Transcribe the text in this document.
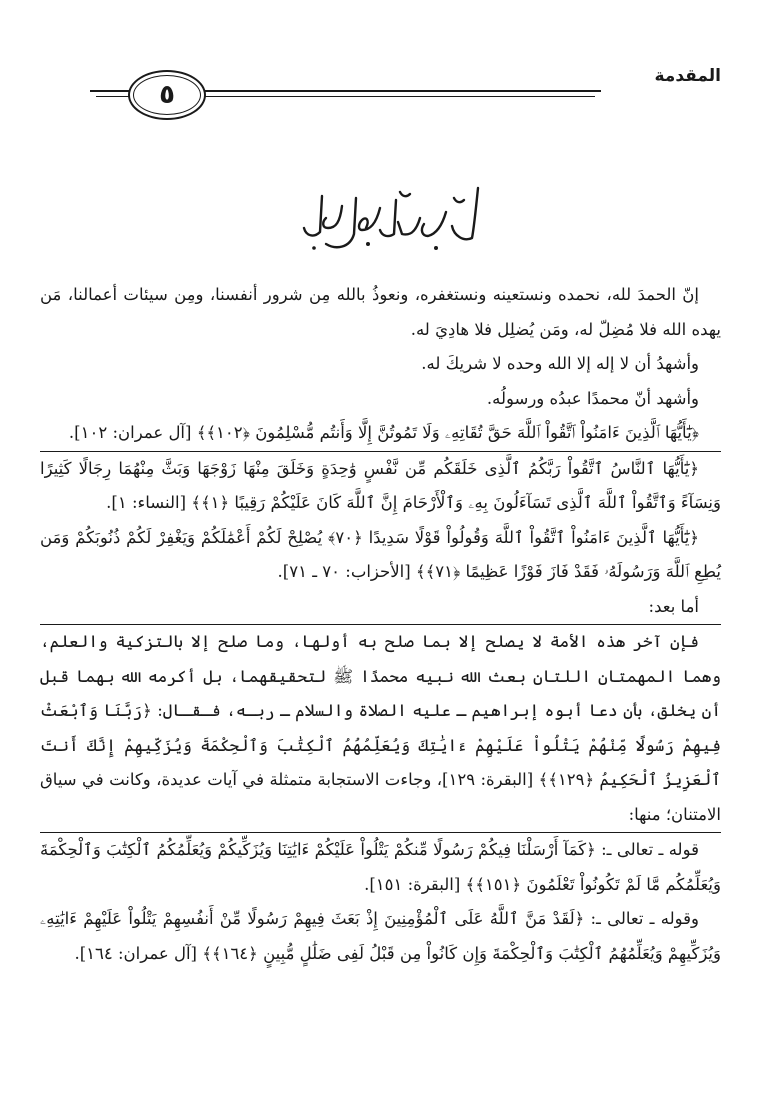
المقدمة
٥

إنّ الحمدَ لله، نحمده ونستعينه ونستغفره، ونعوذُ بالله مِن شرور أنفسنا، ومِن سيئات أعمالنا، مَن يهده الله فلا مُضِلّ له، ومَن يُضلِل فلا هادِيَ له.

وأشهدُ أن لا إله إلا الله وحده لا شريكَ له.

وأشهد أنّ محمدًا عبدُه ورسولُه.

﴿يَٰٓأَيُّهَا ٱلَّذِينَ ءَامَنُواْ ٱتَّقُواْ ٱللَّهَ حَقَّ تُقَاتِهِۦ وَلَا تَمُوتُنَّ إِلَّا وَأَنتُم مُّسْلِمُونَ ﴿١٠٢﴾﴾ [آل عمران: ١٠٢].

﴿يَٰٓأَيُّهَا ٱلنَّاسُ ٱتَّقُواْ رَبَّكُمُ ٱلَّذِى خَلَقَكُم مِّن نَّفْسٍ وَٰحِدَةٍ وَخَلَقَ مِنْهَا زَوْجَهَا وَبَثَّ مِنْهُمَا رِجَالًا كَثِيرًا وَنِسَآءً وَٱتَّقُواْ ٱللَّهَ ٱلَّذِى تَسَآءَلُونَ بِهِۦ وَٱلْأَرْحَامَ إِنَّ ٱللَّهَ كَانَ عَلَيْكُمْ رَقِيبًا ﴿١﴾﴾ [النساء: ١].

﴿يَٰٓأَيُّهَا ٱلَّذِينَ ءَامَنُواْ ٱتَّقُواْ ٱللَّهَ وَقُولُواْ قَوْلًا سَدِيدًا ﴿٧٠﴾ يُصْلِحْ لَكُمْ أَعْمَٰلَكُمْ وَيَغْفِرْ لَكُمْ ذُنُوبَكُمْ وَمَن يُطِعِ ٱللَّهَ وَرَسُولَهُۥ فَقَدْ فَازَ فَوْزًا عَظِيمًا ﴿٧١﴾﴾ [الأحزاب: ٧٠ ـ ٧١].

أما بعد:

فإن آخر هذه الأمة لا يصلح إلا بما صلح به أولها، وما صلح إلا بالتزكية والعلم، وهما المهمتان اللتان بعث الله نبيه محمدًا ﷺ لتحقيقهما، بل أكرمه الله بهما قبل أن يخلق، بأن دعا أبوه إبراهيم ـ عليه الصلاة والسلام ـ ربـه، فـقـال: ﴿رَبَّنَا وَٱبْعَثْ فِيهِمْ رَسُولًا مِّنْهُمْ يَتْلُواْ عَلَيْهِمْ ءَايَٰتِكَ وَيُعَلِّمُهُمُ ٱلْكِتَٰبَ وَٱلْحِكْمَةَ وَيُزَكِّيهِمْ إِنَّكَ أَنتَ ٱلْعَزِيزُ ٱلْحَكِيمُ ﴿١٢٩﴾﴾ [البقرة: ١٢٩]، وجاءت الاستجابة متمثلة في آيات عديدة، وكانت في سياق الامتنان؛ منها:

قوله ـ تعالى ـ: ﴿كَمَآ أَرْسَلْنَا فِيكُمْ رَسُولًا مِّنكُمْ يَتْلُواْ عَلَيْكُمْ ءَايَٰتِنَا وَيُزَكِّيكُمْ وَيُعَلِّمُكُمُ ٱلْكِتَٰبَ وَٱلْحِكْمَةَ وَيُعَلِّمُكُم مَّا لَمْ تَكُونُواْ تَعْلَمُونَ ﴿١٥١﴾﴾ [البقرة: ١٥١].

وقوله ـ تعالى ـ: ﴿لَقَدْ مَنَّ ٱللَّهُ عَلَى ٱلْمُؤْمِنِينَ إِذْ بَعَثَ فِيهِمْ رَسُولًا مِّنْ أَنفُسِهِمْ يَتْلُواْ عَلَيْهِمْ ءَايَٰتِهِۦ وَيُزَكِّيهِمْ وَيُعَلِّمُهُمُ ٱلْكِتَٰبَ وَٱلْحِكْمَةَ وَإِن كَانُواْ مِن قَبْلُ لَفِى ضَلَٰلٍ مُّبِينٍ ﴿١٦٤﴾﴾ [آل عمران: ١٦٤].
